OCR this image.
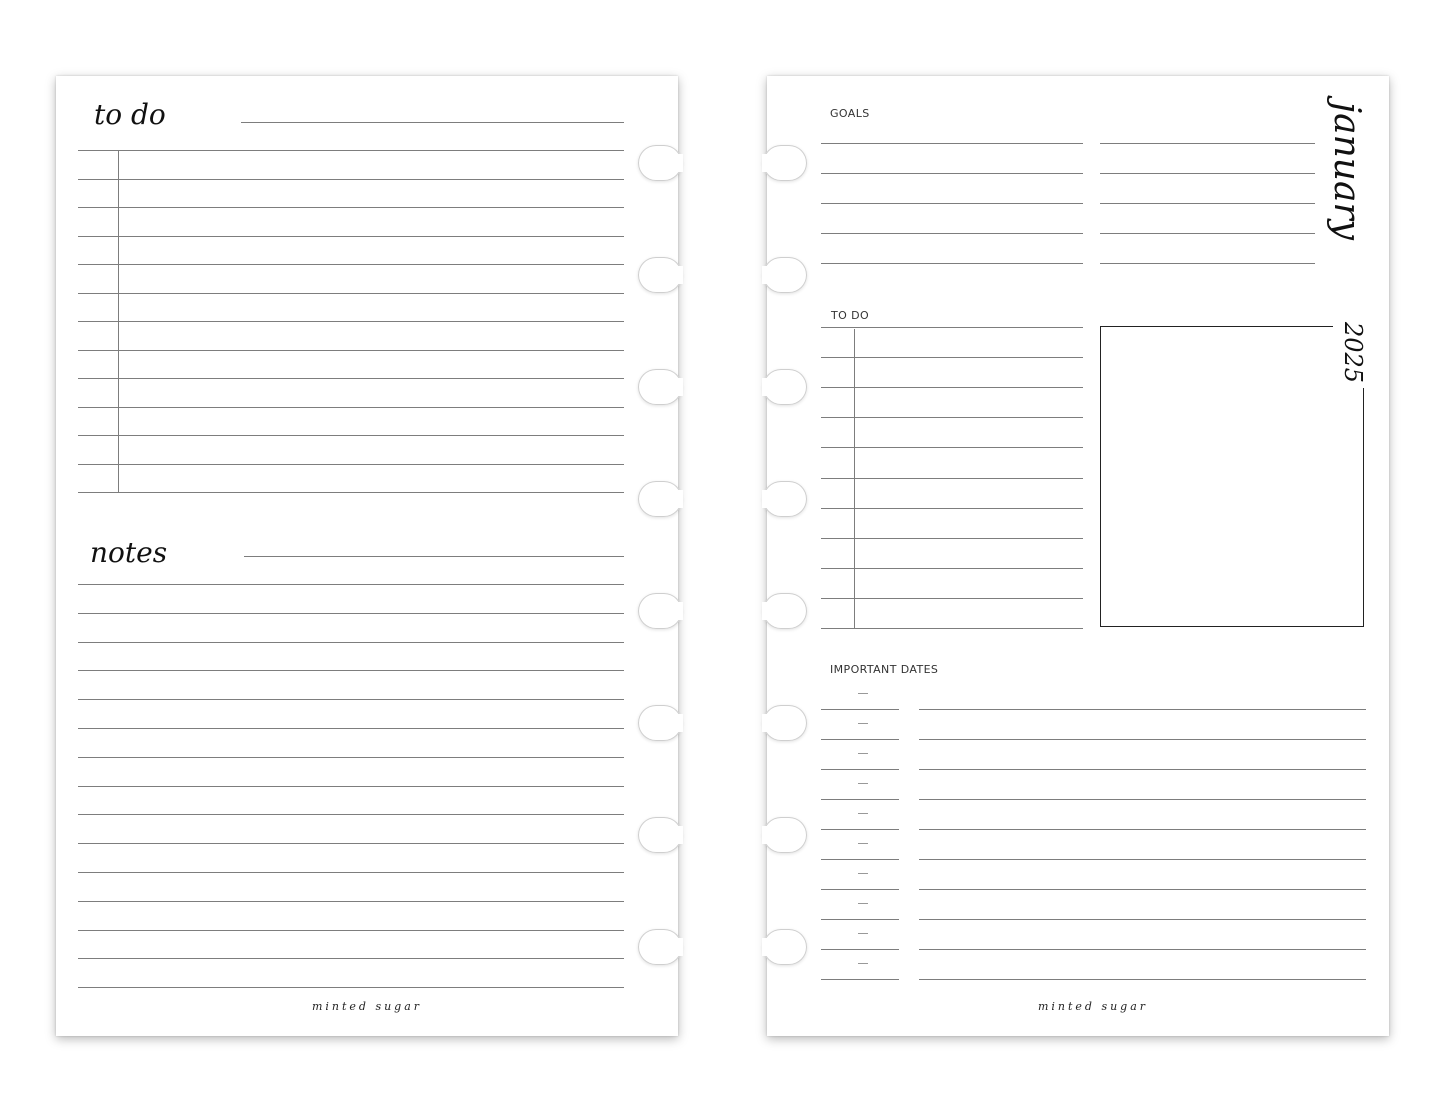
to do
notes
minted sugar
GOALS	january
TO DO
2025
IMPORTANT DATES
minted sugar
